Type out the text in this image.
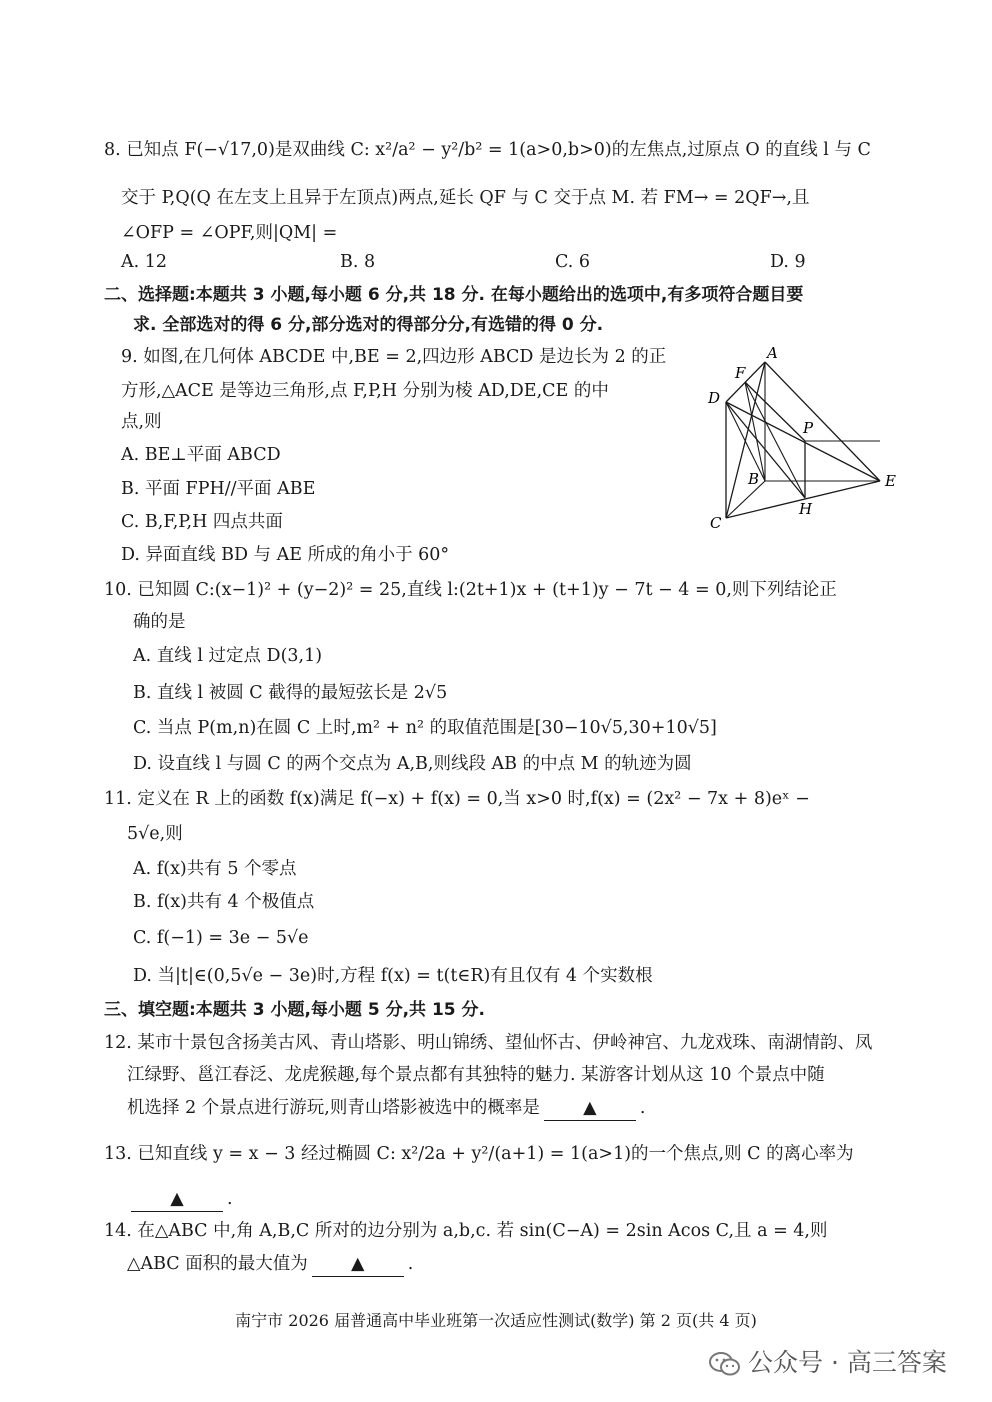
8. 已知点 F(−√17,0)是双曲线 C: x²/a² − y²/b² = 1(a>0,b>0)的左焦点,过原点 O 的直线 l 与 C
交于 P,Q(Q 在左支上且异于左顶点)两点,延长 QF 与 C 交于点 M. 若 FM→ = 2QF→,且
∠OFP = ∠OPF,则|QM| =
A. 12	B. 8	C. 6	D. 9
二、选择题:本题共 3 小题,每小题 6 分,共 18 分. 在每小题给出的选项中,有多项符合题目要
求. 全部选对的得 6 分,部分选对的得部分分,有选错的得 0 分.
9. 如图,在几何体 ABCDE 中,BE = 2,四边形 ABCD 是边长为 2 的正
方形,△ACE 是等边三角形,点 F,P,H 分别为棱 AD,DE,CE 的中
点,则
A. BE⊥平面 ABCD
B. 平面 FPH//平面 ABE
C. B,F,P,H 四点共面
D. 异面直线 BD 与 AE 所成的角小于 60°
A
F
D
P
B	E
C
H
10. 已知圆 C:(x−1)² + (y−2)² = 25,直线 l:(2t+1)x + (t+1)y − 7t − 4 = 0,则下列结论正
确的是
A. 直线 l 过定点 D(3,1)
B. 直线 l 被圆 C 截得的最短弦长是 2√5
C. 当点 P(m,n)在圆 C 上时,m² + n² 的取值范围是[30−10√5,30+10√5]
D. 设直线 l 与圆 C 的两个交点为 A,B,则线段 AB 的中点 M 的轨迹为圆
11. 定义在 R 上的函数 f(x)满足 f(−x) + f(x) = 0,当 x>0 时,f(x) = (2x² − 7x + 8)eˣ −
5√e,则
A. f(x)共有 5 个零点
B. f(x)共有 4 个极值点
C. f(−1) = 3e − 5√e
D. 当|t|∈(0,5√e − 3e)时,方程 f(x) = t(t∈R)有且仅有 4 个实数根
三、填空题:本题共 3 小题,每小题 5 分,共 15 分.
12. 某市十景包含扬美古风、青山塔影、明山锦绣、望仙怀古、伊岭神宫、九龙戏珠、南湖情韵、凤
江绿野、邕江春泛、龙虎猴趣,每个景点都有其独特的魅力. 某游客计划从这 10 个景点中随
机选择 2 个景点进行游玩,则青山塔影被选中的概率是 ▲ .
13. 已知直线 y = x − 3 经过椭圆 C: x²/2a + y²/(a+1) = 1(a>1)的一个焦点,则 C 的离心率为
▲ .
14. 在△ABC 中,角 A,B,C 所对的边分别为 a,b,c. 若 sin(C−A) = 2sin Acos C,且 a = 4,则
△ABC 面积的最大值为 ▲ .
南宁市 2026 届普通高中毕业班第一次适应性测试(数学) 第 2 页(共 4 页)
公众号 · 高三答案
